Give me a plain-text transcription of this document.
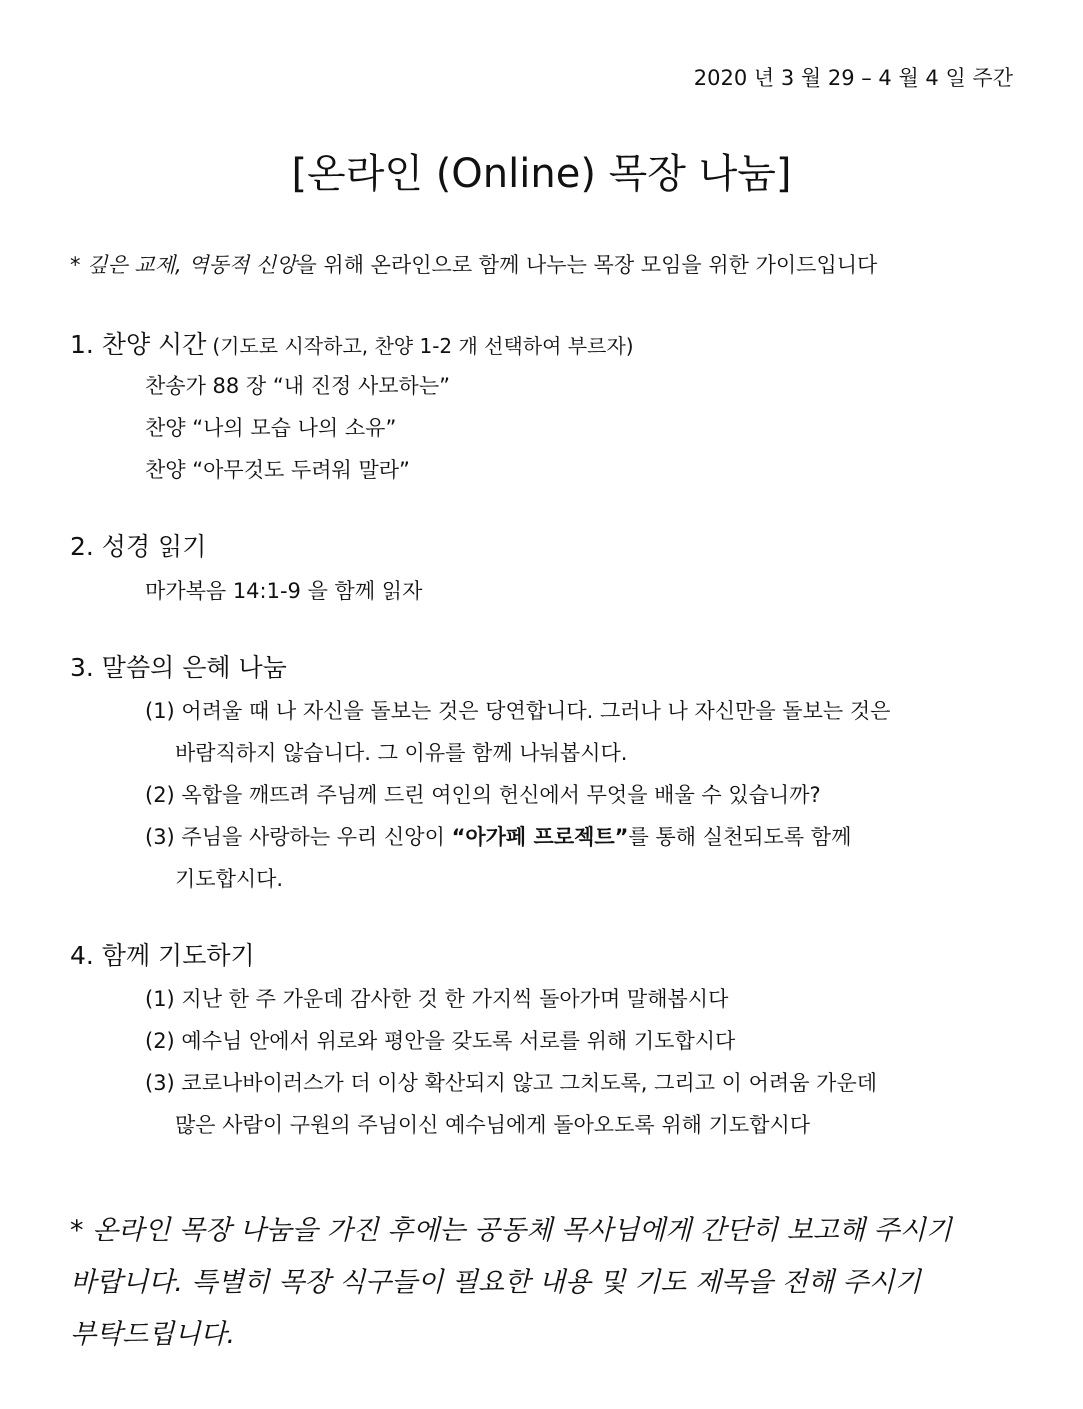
2020 년 3 월 29 – 4 월 4 일 주간
[온라인 (Online) 목장 나눔]
* 깊은 교제, 역동적 신앙을 위해 온라인으로 함께 나누는 목장 모임을 위한 가이드입니다
1. 찬양 시간 (기도로 시작하고, 찬양 1-2 개 선택하여 부르자)
찬송가 88 장 “내 진정 사모하는”
찬양 “나의 모습 나의 소유”
찬양 “아무것도 두려워 말라”
2. 성경 읽기
마가복음 14:1-9 을 함께 읽자
3. 말씀의 은혜 나눔
(1) 어려울 때 나 자신을 돌보는 것은 당연합니다. 그러나 나 자신만을 돌보는 것은
바람직하지 않습니다. 그 이유를 함께 나눠봅시다.
(2) 옥합을 깨뜨려 주님께 드린 여인의 헌신에서 무엇을 배울 수 있습니까?
(3) 주님을 사랑하는 우리 신앙이 “아가페 프로젝트”를 통해 실천되도록 함께
기도합시다.
4. 함께 기도하기
(1) 지난 한 주 가운데 감사한 것 한 가지씩 돌아가며 말해봅시다
(2) 예수님 안에서 위로와 평안을 갖도록 서로를 위해 기도합시다
(3) 코로나바이러스가 더 이상 확산되지 않고 그치도록, 그리고 이 어려움 가운데
많은 사람이 구원의 주님이신 예수님에게 돌아오도록 위해 기도합시다
* 온라인 목장 나눔을 가진 후에는 공동체 목사님에게 간단히 보고해 주시기
바랍니다. 특별히 목장 식구들이 필요한 내용 및 기도 제목을 전해 주시기
부탁드립니다.
